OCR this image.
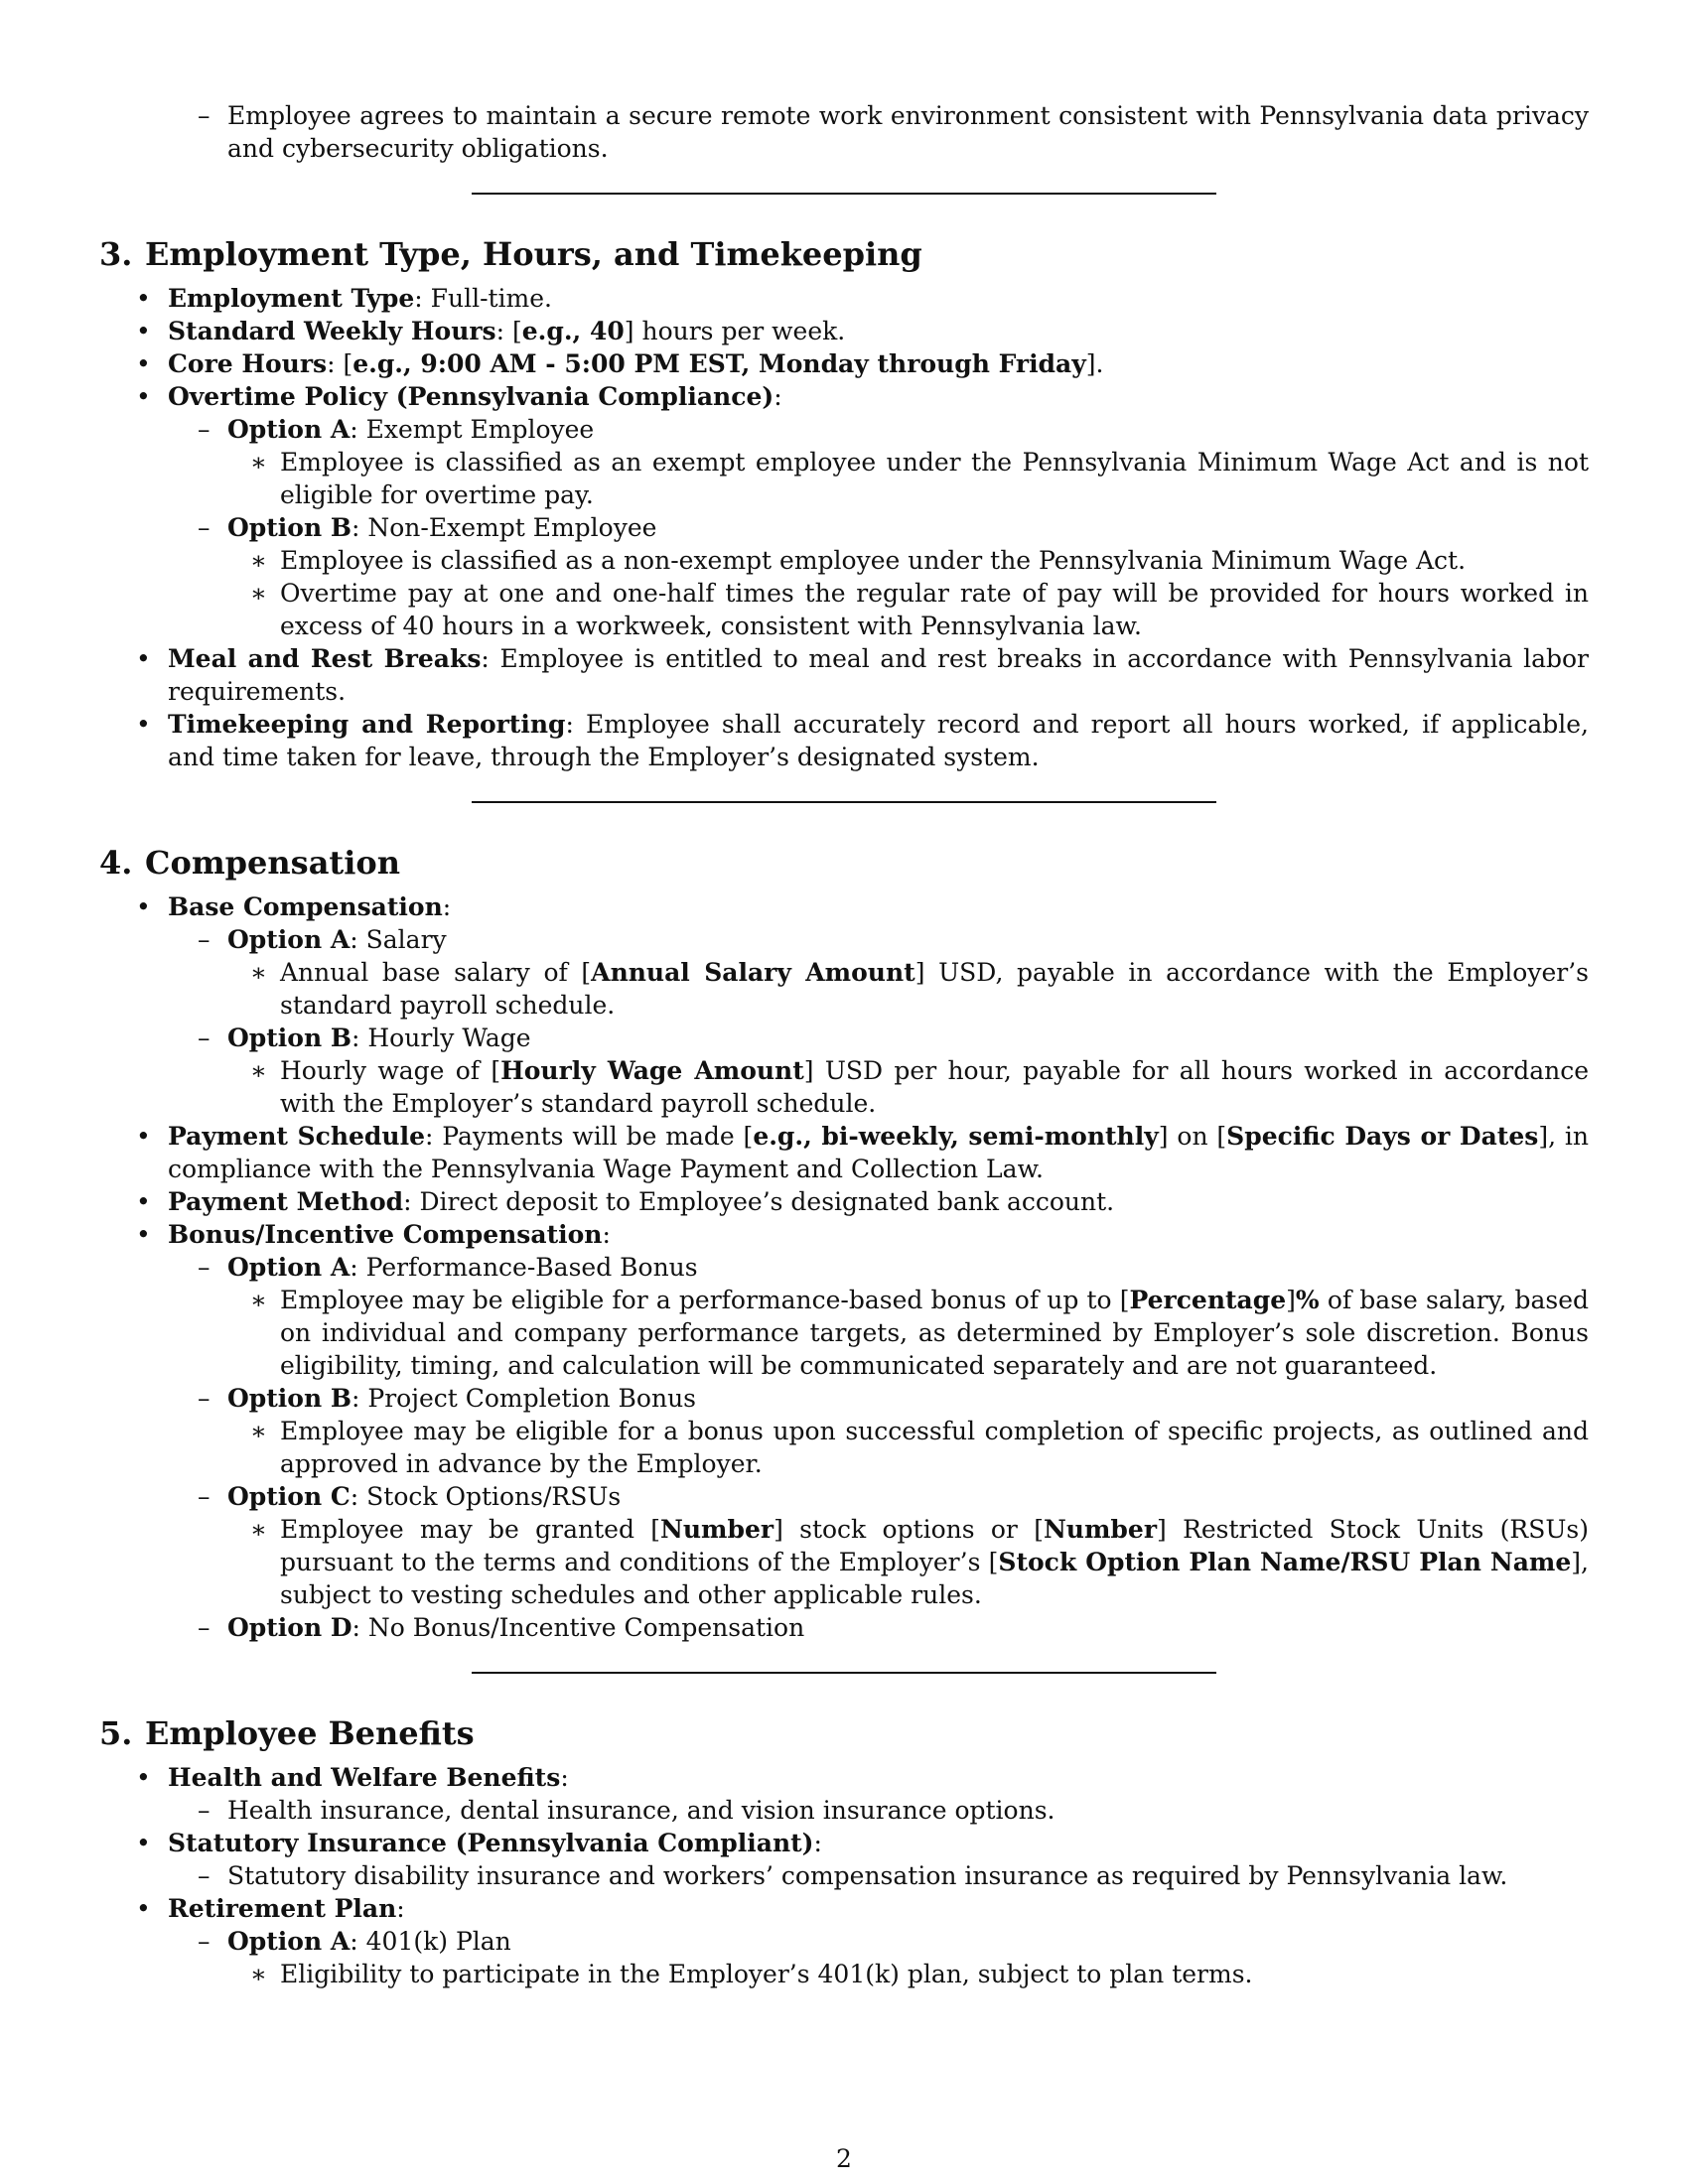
– Employee agrees to maintain a secure remote work environment consistent with Pennsylvania data privacy and cybersecurity obligations.
3. Employment Type, Hours, and Timekeeping
• Employment Type: Full-time.
• Standard Weekly Hours: [e.g., 40] hours per week.
• Core Hours: [e.g., 9:00 AM - 5:00 PM EST, Monday through Friday].
• Overtime Policy (Pennsylvania Compliance):
– Option A: Exempt Employee
∗ Employee is classified as an exempt employee under the Pennsylvania Minimum Wage Act and is not eligible for overtime pay.
– Option B: Non-Exempt Employee
∗ Employee is classified as a non-exempt employee under the Pennsylvania Minimum Wage Act.
∗ Overtime pay at one and one-half times the regular rate of pay will be provided for hours worked in excess of 40 hours in a workweek, consistent with Pennsylvania law.
• Meal and Rest Breaks: Employee is entitled to meal and rest breaks in accordance with Pennsylvania labor requirements.
• Timekeeping and Reporting: Employee shall accurately record and report all hours worked, if applicable, and time taken for leave, through the Employer’s designated system.
4. Compensation
• Base Compensation:
– Option A: Salary
∗ Annual base salary of [Annual Salary Amount] USD, payable in accordance with the Employer’s standard payroll schedule.
– Option B: Hourly Wage
∗ Hourly wage of [Hourly Wage Amount] USD per hour, payable for all hours worked in accordance with the Employer’s standard payroll schedule.
• Payment Schedule: Payments will be made [e.g., bi-weekly, semi-monthly] on [Specific Days or Dates], in compliance with the Pennsylvania Wage Payment and Collection Law.
• Payment Method: Direct deposit to Employee’s designated bank account.
• Bonus/Incentive Compensation:
– Option A: Performance-Based Bonus
∗ Employee may be eligible for a performance-based bonus of up to [Percentage]% of base salary, based on individual and company performance targets, as determined by Employer’s sole discretion. Bonus eligibility, timing, and calculation will be communicated separately and are not guaranteed.
– Option B: Project Completion Bonus
∗ Employee may be eligible for a bonus upon successful completion of specific projects, as outlined and approved in advance by the Employer.
– Option C: Stock Options/RSUs
∗ Employee may be granted [Number] stock options or [Number] Restricted Stock Units (RSUs) pursuant to the terms and conditions of the Employer’s [Stock Option Plan Name/RSU Plan Name], subject to vesting schedules and other applicable rules.
– Option D: No Bonus/Incentive Compensation
5. Employee Benefits
• Health and Welfare Benefits:
– Health insurance, dental insurance, and vision insurance options.
• Statutory Insurance (Pennsylvania Compliant):
– Statutory disability insurance and workers’ compensation insurance as required by Pennsylvania law.
• Retirement Plan:
– Option A: 401(k) Plan
∗ Eligibility to participate in the Employer’s 401(k) plan, subject to plan terms.
2
